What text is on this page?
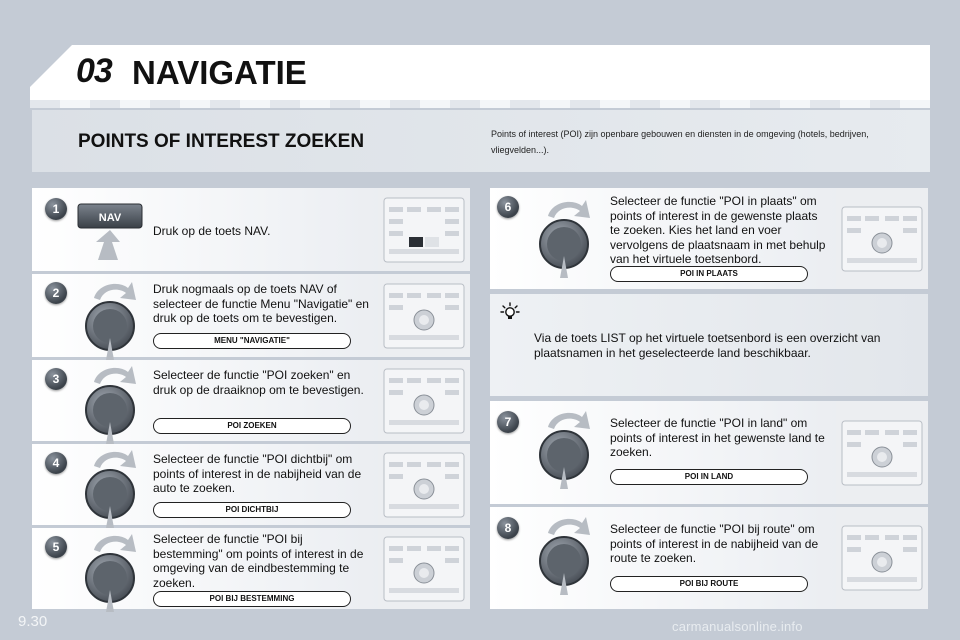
03 NAVIGATIE
POINTS OF INTEREST ZOEKEN	Points of interest (POI) zijn openbare gebouwen en diensten in de omgeving (hotels, bedrijven, vliegvelden...).
1
NAV
Druk op de toets NAV.
2	Druk nogmaals op de toets NAV of selecteer de functie Menu "Navigatie" en druk op de toets om te bevestigen.
MENU "NAVIGATIE"
3	Selecteer de functie "POI zoeken" en druk op de draaiknop om te bevestigen.
POI ZOEKEN
4	Selecteer de functie "POI dichtbij" om points of interest in de nabijheid van de auto te zoeken.
POI DICHTBIJ
5
Selecteer de functie "POI bij bestemming" om points of interest in de omgeving van de eindbestemming te zoeken.
POI BIJ BESTEMMING
6	Selecteer de functie "POI in plaats" om points of interest in de gewenste plaats te zoeken. Kies het land en voer vervolgens de plaatsnaam in met behulp van het virtuele toetsenbord.
POI IN PLAATS
Via de toets LIST op het virtuele toetsenbord is een overzicht van plaatsnamen in het geselecteerde land beschikbaar.
7	Selecteer de functie "POI in land" om points of interest in het gewenste land te zoeken.
POI IN LAND
8	Selecteer de functie "POI bij route" om points of interest in de nabijheid van de route te zoeken.
POI BIJ ROUTE
9.30	carmanualsonline.info
